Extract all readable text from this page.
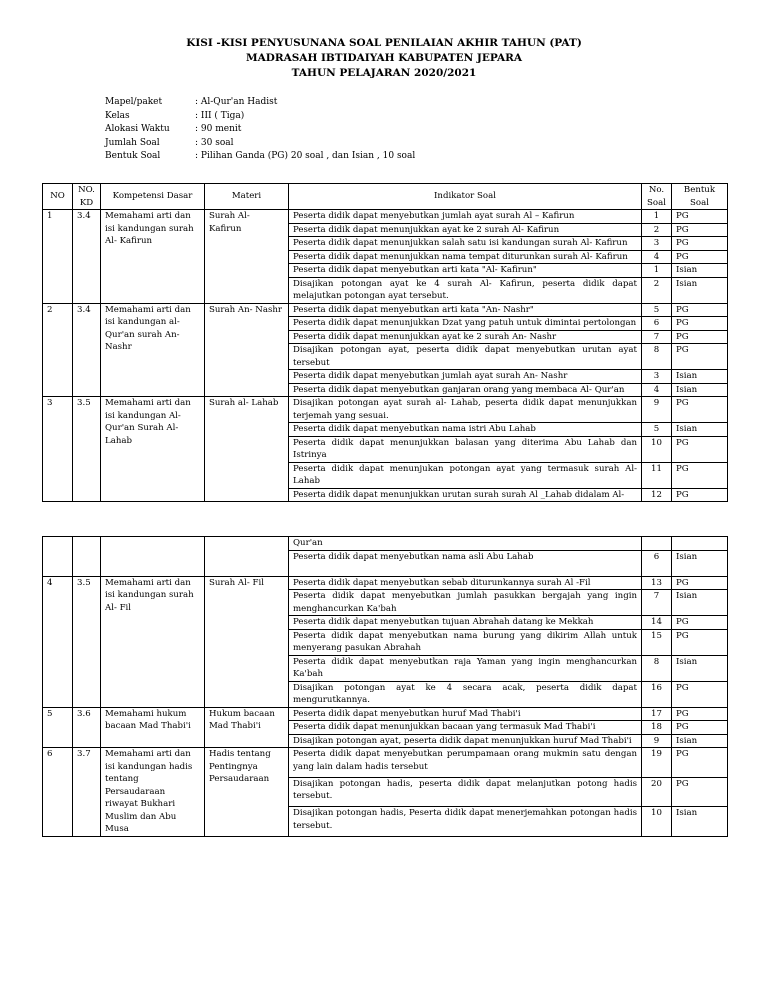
KISI -KISI PENYUSUNANA SOAL PENILAIAN AKHIR TAHUN (PAT)
MADRASAH IBTIDAIYAH KABUPATEN JEPARA
TAHUN PELAJARAN 2020/2021
Mapel/paket	: Al-Qur'an Hadist
Kelas	: III ( Tiga)
Alokasi Waktu	: 90 menit
Jumlah Soal	: 30 soal
Bentuk Soal	: Pilihan Ganda (PG) 20 soal , dan Isian , 10 soal
NO	NO. KD	Kompetensi Dasar	Materi	Indikator Soal	No. Soal	Bentuk Soal
1	3.4	Memahami arti dan isi kandungan surah Al- Kafirun	Surah Al- Kafirun	Peserta didik dapat menyebutkan jumlah ayat surah Al – Kafirun	1	PG
				Peserta didik dapat menunjukkan ayat ke 2 surah Al- Kafirun	2	PG
				Peserta didik dapat menunjukkan salah satu isi kandungan surah Al- Kafirun	3	PG
				Peserta didik dapat menunjukkan nama tempat diturunkan surah Al- Kafirun	4	PG
				Peserta didik dapat menyebutkan arti kata "Al- Kafirun"	1	Isian
				Disajikan potongan ayat ke 4 surah Al- Kafirun, peserta didik dapat melajutkan potongan ayat tersebut.	2	Isian
2	3.4	Memahami arti dan isi kandungan al- Qur'an surah An- Nashr	Surah An- Nashr	Peserta didik dapat menyebutkan arti kata "An- Nashr"	5	PG
				Peserta didik dapat menunjukkan Dzat yang patuh untuk dimintai pertolongan	6	PG
				Peserta didik dapat menunjukkan ayat ke 2 surah An- Nashr	7	PG
				Disajikan potongan ayat, peserta didik dapat menyebutkan urutan ayat tersebut	8	PG
				Peserta didik dapat menyebutkan jumlah ayat surah An- Nashr	3	Isian
				Peserta didik dapat menyebutkan ganjaran orang yang membaca Al- Qur'an	4	Isian
3	3.5	Memahami arti dan isi kandungan Al- Qur'an Surah Al- Lahab	Surah al- Lahab	Disajikan potongan ayat surah al- Lahab, peserta didik dapat menunjukkan terjemah yang sesuai.	9	PG
				Peserta didik dapat menyebutkan nama istri Abu Lahab	5	Isian
				Peserta didik dapat menunjukkan balasan yang diterima Abu Lahab dan Istrinya	10	PG
				Peserta didik dapat menunjukan potongan ayat yang termasuk surah Al- Lahab	11	PG
				Peserta didik dapat menunjukkan urutan surah surah Al _Lahab didalam Al-	12	PG
				Qur'an		
				Peserta didik dapat menyebutkan nama asli Abu Lahab	6	Isian
4	3.5	Memahami arti dan isi kandungan surah Al- Fil	Surah Al- Fil	Peserta didik dapat menyebutkan sebab diturunkannya surah Al -Fil	13	PG
				Peserta didik dapat menyebutkan jumlah pasukkan bergajah yang ingin menghancurkan Ka'bah	7	Isian
				Peserta didik dapat menyebutkan tujuan Abrahah datang ke Mekkah	14	PG
				Peserta didik dapat menyebutkan nama burung yang dikirim Allah untuk menyerang pasukan Abrahah	15	PG
				Peserta didik dapat menyebutkan raja Yaman yang ingin menghancurkan Ka'bah	8	Isian
				Disajikan potongan ayat ke 4 secara acak, peserta didik dapat mengurutkannya.	16	PG
5	3.6	Memahami hukum bacaan Mad Thabi'i	Hukum bacaan Mad Thabi'i	Peserta didik dapat menyebutkan huruf Mad Thabi'i	17	PG
				Peserta didik dapat menunjukkan bacaan yang termasuk Mad Thabi'i	18	PG
				Disajikan potongan ayat, peserta didik dapat menunjukkan huruf Mad Thabi'i	9	Isian
6	3.7	Memahami arti dan isi kandungan hadis tentang Persaudaraan riwayat Bukhari Muslim dan Abu Musa	Hadis tentang Pentingnya Persaudaraan	Peserta didik dapat menyebutkan perumpamaan orang mukmin satu dengan yang lain dalam hadis tersebut	19	PG
				Disajikan potongan hadis, peserta didik dapat melanjutkan potong hadis tersebut.	20	PG
				Disajikan potongan hadis, Peserta didik dapat menerjemahkan potongan hadis tersebut.	10	Isian
